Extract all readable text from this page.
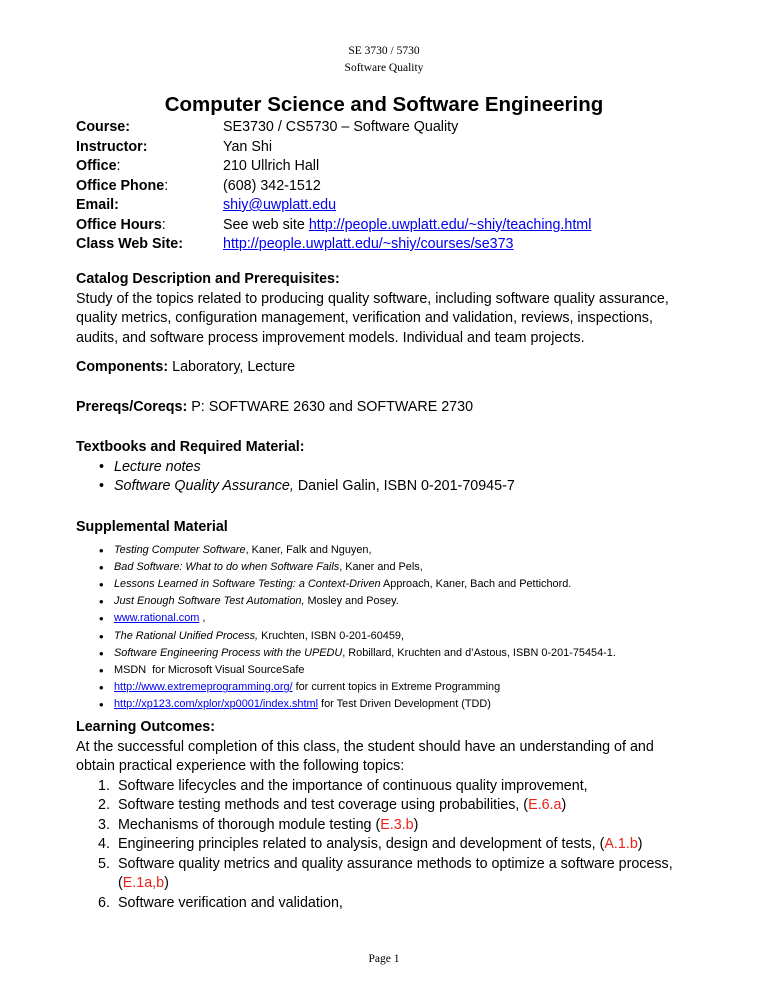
SE 3730 / 5730
Software Quality
Computer Science and Software Engineering
Course:	SE3730 / CS5730 – Software Quality
Instructor:	Yan Shi
Office:	210 Ullrich Hall
Office Phone:	(608) 342-1512
Email:	shiy@uwplatt.edu
Office Hours:	See web site http://people.uwplatt.edu/~shiy/teaching.html
Class Web Site:	http://people.uwplatt.edu/~shiy/courses/se373
Catalog Description and Prerequisites:
Study of the topics related to producing quality software, including software quality assurance,
quality metrics, configuration management, verification and validation, reviews, inspections,
audits, and software process improvement models. Individual and team projects.
Components: Laboratory, Lecture
Prereqs/Coreqs: P: SOFTWARE 2630 and SOFTWARE 2730
Textbooks and Required Material:
• Lecture notes
• Software Quality Assurance, Daniel Galin, ISBN 0-201-70945-7
Supplemental Material
• Testing Computer Software, Kaner, Falk and Nguyen,
• Bad Software: What to do when Software Fails, Kaner and Pels,
• Lessons Learned in Software Testing: a Context-Driven Approach, Kaner, Bach and Pettichord.
• Just Enough Software Test Automation, Mosley and Posey.
• www.rational.com ,
• The Rational Unified Process, Kruchten, ISBN 0-201-60459,
• Software Engineering Process with the UPEDU, Robillard, Kruchten and d’Astous, ISBN 0-201-75454-1.
• MSDN  for Microsoft Visual SourceSafe
• http://www.extremeprogramming.org/ for current topics in Extreme Programming
• http://xp123.com/xplor/xp0001/index.shtml for Test Driven Development (TDD)
Learning Outcomes:
At the successful completion of this class, the student should have an understanding of and
obtain practical experience with the following topics:
1. Software lifecycles and the importance of continuous quality improvement,
2. Software testing methods and test coverage using probabilities, (E.6.a)
3. Mechanisms of thorough module testing (E.3.b)
4. Engineering principles related to analysis, design and development of tests, (A.1.b)
5. Software quality metrics and quality assurance methods to optimize a software process,
(E.1a,b)
6. Software verification and validation,
Page 1
